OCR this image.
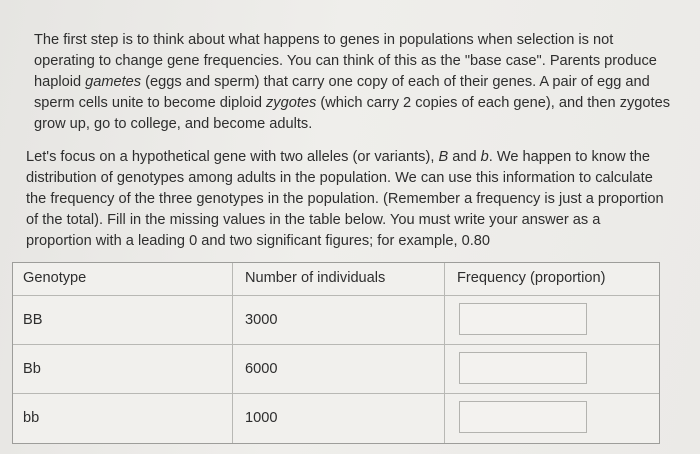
The first step is to think about what happens to genes in populations when selection is not
operating to change gene frequencies. You can think of this as the "base case". Parents produce
haploid gametes (eggs and sperm) that carry one copy of each of their genes. A pair of egg and
sperm cells unite to become diploid zygotes (which carry 2 copies of each gene), and then zygotes
grow up, go to college, and become adults.
Let's focus on a hypothetical gene with two alleles (or variants), B and b. We happen to know the
distribution of genotypes among adults in the population. We can use this information to calculate
the frequency of the three genotypes in the population. (Remember a frequency is just a proportion
of the total). Fill in the missing values in the table below. You must write your answer as a
proportion with a leading 0 and two significant figures; for example, 0.80
Genotype	Number of individuals	Frequency (proportion)
BB	3000
Bb	6000
bb	1000
